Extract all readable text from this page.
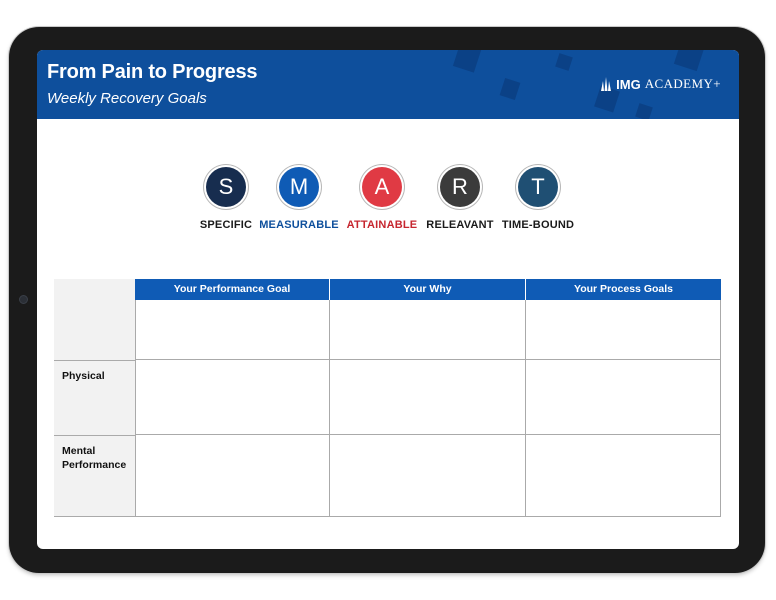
From Pain to Progress
Weekly Recovery Goals
IMG ACADEMY+
S
SPECIFIC
M
MEASURABLE
A
ATTAINABLE
R
RELEAVANT
T
TIME-BOUND
Your Performance Goal	Your Why	Your Process Goals
Physical
Mental Performance
